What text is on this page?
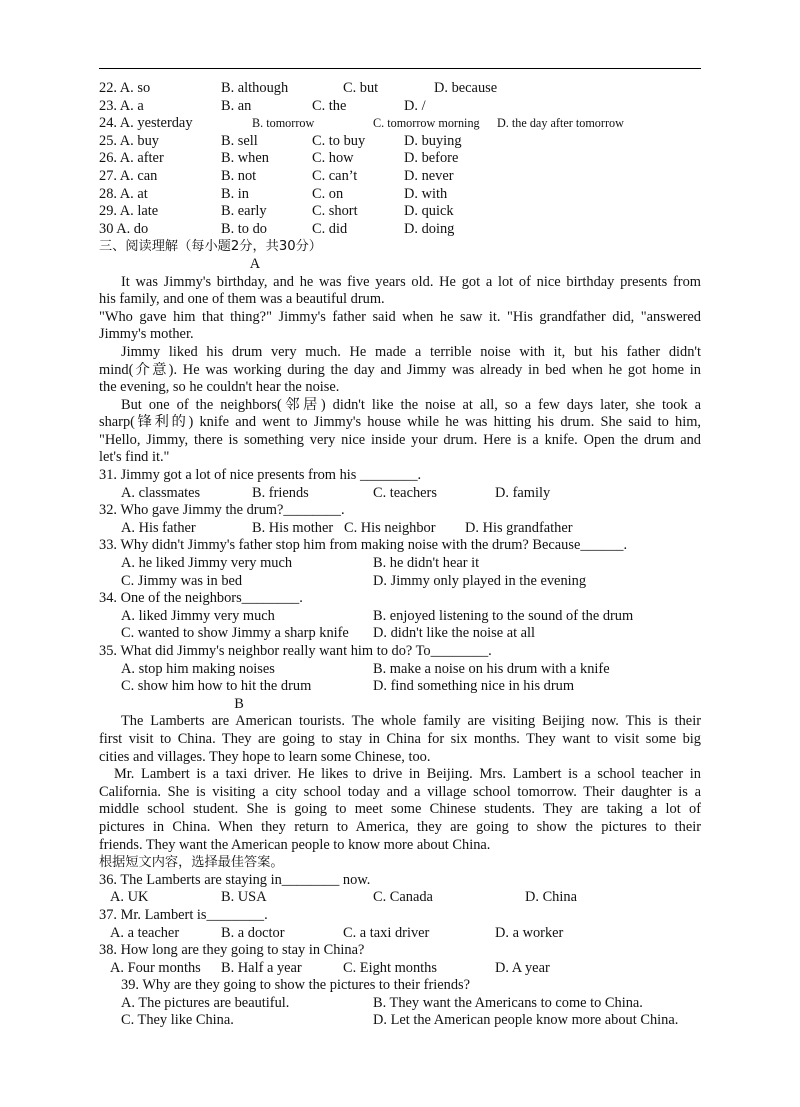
22. A. so	B. although	C. but	D. because
23. A. a	B. an	C. the	D. /
24. A. yesterday	B. tomorrow	C. tomorrow morning D. the day after tomorrow
25. A. buy	B. sell	C. to buy	D. buying
26. A. after	B. when	C. how	D. before
27. A. can	B. not	C. can’t	D. never
28. A. at	B. in	C. on	D. with
29. A. late	B. early	C. short	D. quick
30 A. do	B. to do	C. did	D. doing
三、阅读理解（每小题2分，共30分）
A
It was Jimmy's birthday, and he was five years old. He got a lot of nice birthday presents from
his family, and one of them was a beautiful drum.
"Who gave him that thing?" Jimmy's father said when he saw it. "His grandfather did, "answered
Jimmy's mother.
Jimmy liked his drum very much. He made a terrible noise with it, but his father didn't
mind(介意). He was working during the day and Jimmy was already in bed when he got home in
the evening, so he couldn't hear the noise.
But one of the neighbors(邻居) didn't like the noise at all, so a few days later, she took a
sharp(锋利的) knife and went to Jimmy's house while he was hitting his drum. She said to him,
"Hello, Jimmy, there is something very nice inside your drum. Here is a knife. Open the drum and
let's find it."
31. Jimmy got a lot of nice presents from his ________.
A. classmates	B. friends	C. teachers	D. family
32. Who gave Jimmy the drum?________.
A. His father	B. His mother C. His neighbor D. His grandfather
33. Why didn't Jimmy's father stop him from making noise with the drum? Because______.
A. he liked Jimmy very much	B. he didn't hear it
C. Jimmy was in bed	D. Jimmy only played in the evening
34. One of the neighbors________.
A. liked Jimmy very much	B. enjoyed listening to the sound of the drum
C. wanted to show Jimmy a sharp knife D. didn't like the noise at all
35. What did Jimmy's neighbor really want him to do? To________.
A. stop him making noises	B. make a noise on his drum with a knife
C. show him how to hit the drum	D. find something nice in his drum
B
The Lamberts are American tourists. The whole family are visiting Beijing now. This is their
first visit to China. They are going to stay in China for six months. They want to visit some big
cities and villages. They hope to learn some Chinese, too.
Mr. Lambert is a taxi driver. He likes to drive in Beijing. Mrs. Lambert is a school teacher in
California. She is visiting a city school today and a village school tomorrow. Their daughter is a
middle school student. She is going to meet some Chinese students. They are taking a lot of
pictures in China. When they return to America, they are going to show the pictures to their
friends. They want the American people to know more about China.
根据短文内容，选择最佳答案。
36. The Lamberts are staying in________ now.
A. UK	B. USA	C. Canada	D. China
37. Mr. Lambert is________.
A. a teacher	B. a doctor	C. a taxi driver	D. a worker
38. How long are they going to stay in China?
A. Four months B. Half a year	C. Eight months	D. A year
39. Why are they going to show the pictures to their friends?
A. The pictures are beautiful.	B. They want the Americans to come to China.
C. They like China.	D. Let the American people know more about China.
